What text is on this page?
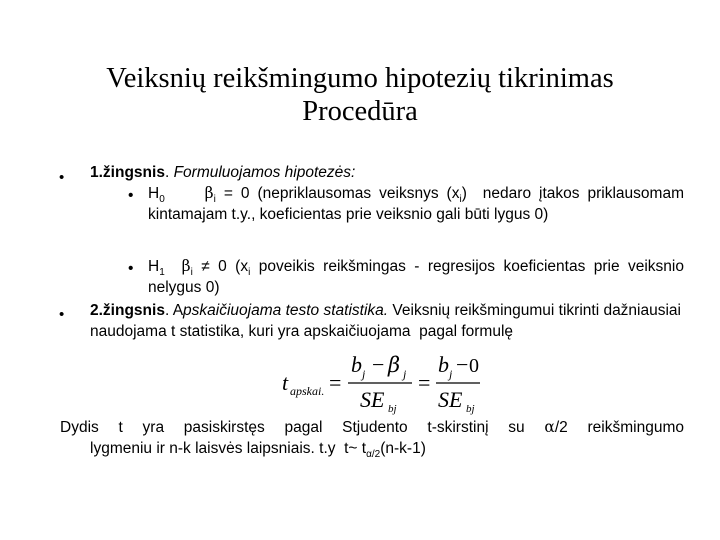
Veiksnių reikšmingumo hipotezių tikrinimas
Procedūra
• 1.žingsnis. Formuluojamos hipotezės:
• $H_0$	$\beta_i = 0$ (nepriklausomas veiksnys $(x_i)$  nedaro įtakos priklausomam kintamajam t.y., koeficientas prie veiksnio gali būti lygus 0)
• $H_1$ $\beta_i \ne 0$ ($x_i$ poveikis reikšmingas - regresijos koeficientas prie veiksnio nelygus 0)
• 2.žingsnis. Apskaičiuojama testo statistika. Veiksnių reikšmingumui tikrinti dažniausiai naudojama t statistika, kuri yra apskaičiuojama  pagal formulę
t apskai. =
b j − β j
SE bj
=
b j − 0
SE bj
Dydis t yra pasiskirstęs pagal Stjudento t-skirstinį su α/2 reikšmingumo
lygmeniu ir n-k laisvės laipsniais. t.y  t~ $t_{\alpha/2}(n-k-1)$
